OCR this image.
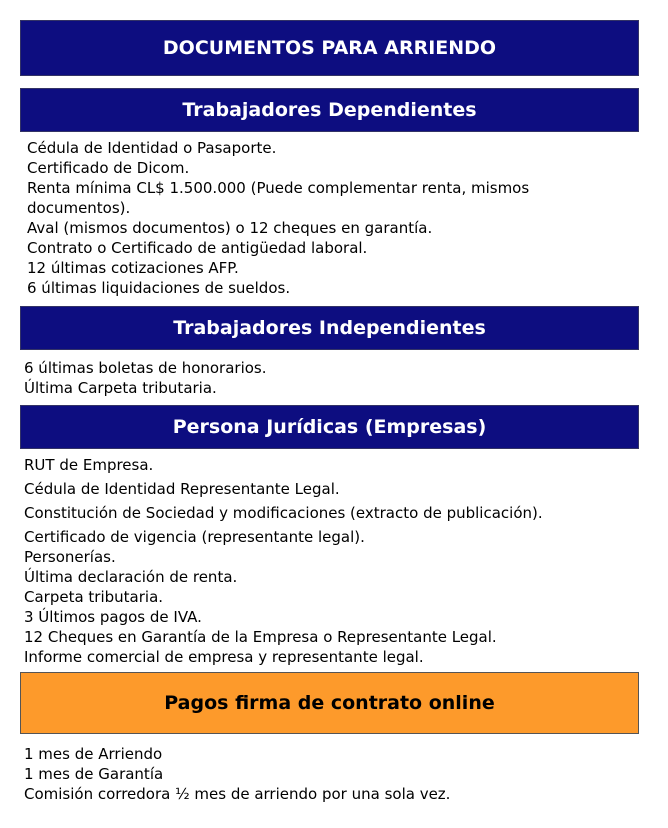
DOCUMENTOS PARA ARRIENDO
Trabajadores Dependientes
Cédula de Identidad o Pasaporte.
Certificado de Dicom.
Renta mínima CL$ 1.500.000 (Puede complementar renta, mismos documentos).
Aval (mismos documentos) o 12 cheques en garantía.
Contrato o Certificado de antigüedad laboral.
12 últimas cotizaciones AFP.
6 últimas liquidaciones de sueldos.
Trabajadores Independientes
6 últimas boletas de honorarios.
Última Carpeta tributaria.
Persona Jurídicas (Empresas)
RUT de Empresa.
Cédula de Identidad Representante Legal.
Constitución de Sociedad y modificaciones (extracto de publicación).
Certificado de vigencia (representante legal).
Personerías.
Última declaración de renta.
Carpeta tributaria.
3 Últimos pagos de IVA.
12 Cheques en Garantía de la Empresa o Representante Legal.
Informe comercial de empresa y representante legal.
Pagos firma de contrato online
1 mes de Arriendo
1 mes de Garantía
Comisión corredora ½ mes de arriendo por una sola vez.
